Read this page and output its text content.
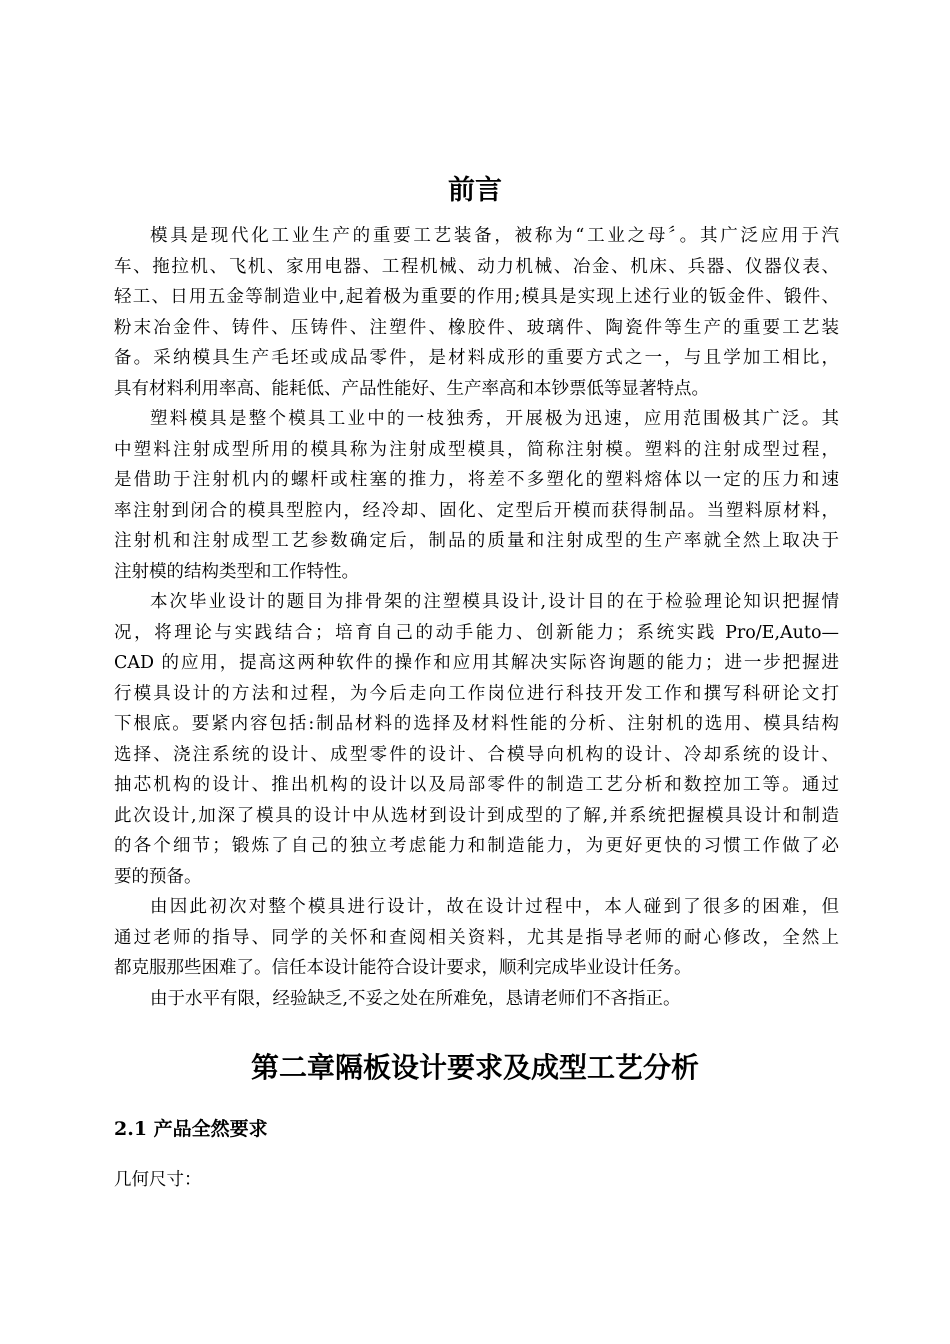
前言

模具是现代化工业生产的重要工艺装备，被称为“工业之母〞。其广泛应用于汽

车、拖拉机、飞机、家用电器、工程机械、动力机械、冶金、机床、兵器、仪器仪表、

轻工、日用五金等制造业中,起着极为重要的作用;模具是实现上述行业的钣金件、锻件、

粉末冶金件、铸件、压铸件、注塑件、橡胶件、玻璃件、陶瓷件等生产的重要工艺装

备。采纳模具生产毛坯或成品零件，是材料成形的重要方式之一，与且学加工相比，

具有材料利用率高、能耗低、产品性能好、生产率高和本钞票低等显著特点。

塑料模具是整个模具工业中的一枝独秀，开展极为迅速，应用范围极其广泛。其

中塑料注射成型所用的模具称为注射成型模具，简称注射模。塑料的注射成型过程，

是借助于注射机内的螺杆或柱塞的推力，将差不多塑化的塑料熔体以一定的压力和速

率注射到闭合的模具型腔内，经冷却、固化、定型后开模而获得制品。当塑料原材料，

注射机和注射成型工艺参数确定后，制品的质量和注射成型的生产率就全然上取决于

注射模的结构类型和工作特性。

本次毕业设计的题目为排骨架的注塑模具设计,设计目的在于检验理论知识把握情

况，将理论与实践结合；培育自己的动手能力、创新能力；系统实践 Pro/E,Auto—

CAD 的应用，提高这两种软件的操作和应用其解决实际咨询题的能力；进一步把握进

行模具设计的方法和过程，为今后走向工作岗位进行科技开发工作和撰写科研论文打

下根底。要紧内容包括:制品材料的选择及材料性能的分析、注射机的选用、模具结构

选择、浇注系统的设计、成型零件的设计、合模导向机构的设计、冷却系统的设计、

抽芯机构的设计、推出机构的设计以及局部零件的制造工艺分析和数控加工等。通过

此次设计,加深了模具的设计中从选材到设计到成型的了解,并系统把握模具设计和制造

的各个细节；锻炼了自己的独立考虑能力和制造能力，为更好更快的习惯工作做了必

要的预备。

由因此初次对整个模具进行设计，故在设计过程中，本人碰到了很多的困难，但

通过老师的指导、同学的关怀和查阅相关资料，尤其是指导老师的耐心修改，全然上

都克服那些困难了。信任本设计能符合设计要求，顺利完成毕业设计任务。

由于水平有限，经验缺乏,不妥之处在所难免，恳请老师们不吝指正。

第二章隔板设计要求及成型工艺分析
2.1 产品全然要求

几何尺寸：
